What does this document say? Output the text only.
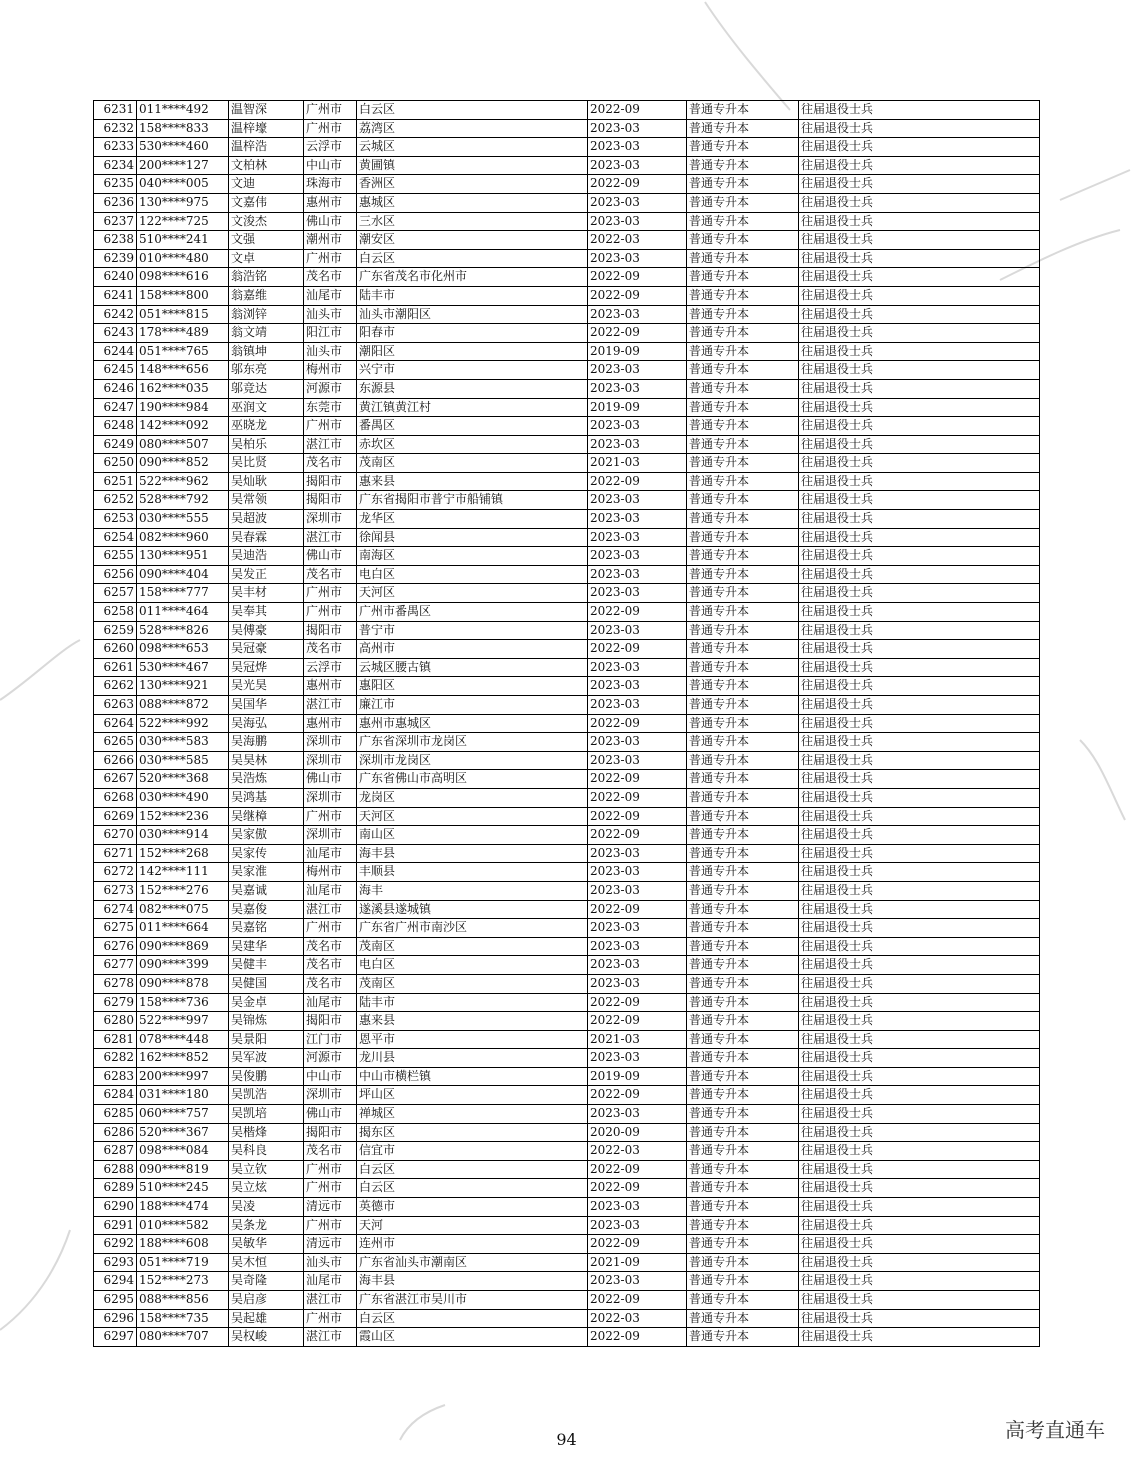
6231	011****492	温智深	广州市	白云区	2022-09	普通专升本	往届退役士兵
6232	158****833	温梓壕	广州市	荔湾区	2023-03	普通专升本	往届退役士兵
6233	530****460	温梓浩	云浮市	云城区	2023-03	普通专升本	往届退役士兵
6234	200****127	文柏林	中山市	黄圃镇	2023-03	普通专升本	往届退役士兵
6235	040****005	文迪	珠海市	香洲区	2022-09	普通专升本	往届退役士兵
6236	130****975	文嘉伟	惠州市	惠城区	2023-03	普通专升本	往届退役士兵
6237	122****725	文浚杰	佛山市	三水区	2023-03	普通专升本	往届退役士兵
6238	510****241	文强	潮州市	潮安区	2022-03	普通专升本	往届退役士兵
6239	010****480	文卓	广州市	白云区	2023-03	普通专升本	往届退役士兵
6240	098****616	翁浩铭	茂名市	广东省茂名市化州市	2022-09	普通专升本	往届退役士兵
6241	158****800	翁嘉维	汕尾市	陆丰市	2022-09	普通专升本	往届退役士兵
6242	051****815	翁浏锌	汕头市	汕头市潮阳区	2023-03	普通专升本	往届退役士兵
6243	178****489	翁文靖	阳江市	阳春市	2022-09	普通专升本	往届退役士兵
6244	051****765	翁镇坤	汕头市	潮阳区	2019-09	普通专升本	往届退役士兵
6245	148****656	邬东亮	梅州市	兴宁市	2023-03	普通专升本	往届退役士兵
6246	162****035	邬竞达	河源市	东源县	2023-03	普通专升本	往届退役士兵
6247	190****984	巫润文	东莞市	黄江镇黄江村	2019-09	普通专升本	往届退役士兵
6248	142****092	巫晓龙	广州市	番禺区	2023-03	普通专升本	往届退役士兵
6249	080****507	吴柏乐	湛江市	赤坎区	2023-03	普通专升本	往届退役士兵
6250	090****852	吴比贤	茂名市	茂南区	2021-03	普通专升本	往届退役士兵
6251	522****962	吴灿耿	揭阳市	惠来县	2022-09	普通专升本	往届退役士兵
6252	528****792	吴常领	揭阳市	广东省揭阳市普宁市船铺镇	2023-03	普通专升本	往届退役士兵
6253	030****555	吴超波	深圳市	龙华区	2023-03	普通专升本	往届退役士兵
6254	082****960	吴春霖	湛江市	徐闻县	2023-03	普通专升本	往届退役士兵
6255	130****951	吴迪浩	佛山市	南海区	2023-03	普通专升本	往届退役士兵
6256	090****404	吴发正	茂名市	电白区	2023-03	普通专升本	往届退役士兵
6257	158****777	吴丰材	广州市	天河区	2023-03	普通专升本	往届退役士兵
6258	011****464	吴奉其	广州市	广州市番禺区	2022-09	普通专升本	往届退役士兵
6259	528****826	吴傅豪	揭阳市	普宁市	2023-03	普通专升本	往届退役士兵
6260	098****653	吴冠豪	茂名市	高州市	2022-09	普通专升本	往届退役士兵
6261	530****467	吴冠烨	云浮市	云城区腰古镇	2023-03	普通专升本	往届退役士兵
6262	130****921	吴光昊	惠州市	惠阳区	2023-03	普通专升本	往届退役士兵
6263	088****872	吴国华	湛江市	廉江市	2023-03	普通专升本	往届退役士兵
6264	522****992	吴海弘	惠州市	惠州市惠城区	2022-09	普通专升本	往届退役士兵
6265	030****583	吴海鹏	深圳市	广东省深圳市龙岗区	2023-03	普通专升本	往届退役士兵
6266	030****585	吴昊林	深圳市	深圳市龙岗区	2023-03	普通专升本	往届退役士兵
6267	520****368	吴浩炼	佛山市	广东省佛山市高明区	2022-09	普通专升本	往届退役士兵
6268	030****490	吴鸿基	深圳市	龙岗区	2022-09	普通专升本	往届退役士兵
6269	152****236	吴继樟	广州市	天河区	2022-09	普通专升本	往届退役士兵
6270	030****914	吴家傲	深圳市	南山区	2022-09	普通专升本	往届退役士兵
6271	152****268	吴家传	汕尾市	海丰县	2023-03	普通专升本	往届退役士兵
6272	142****111	吴家淮	梅州市	丰顺县	2023-03	普通专升本	往届退役士兵
6273	152****276	吴嘉诚	汕尾市	海丰	2023-03	普通专升本	往届退役士兵
6274	082****075	吴嘉俊	湛江市	遂溪县遂城镇	2022-09	普通专升本	往届退役士兵
6275	011****664	吴嘉铭	广州市	广东省广州市南沙区	2023-03	普通专升本	往届退役士兵
6276	090****869	吴建华	茂名市	茂南区	2023-03	普通专升本	往届退役士兵
6277	090****399	吴健丰	茂名市	电白区	2023-03	普通专升本	往届退役士兵
6278	090****878	吴健国	茂名市	茂南区	2023-03	普通专升本	往届退役士兵
6279	158****736	吴金卓	汕尾市	陆丰市	2022-09	普通专升本	往届退役士兵
6280	522****997	吴锦炼	揭阳市	惠来县	2022-09	普通专升本	往届退役士兵
6281	078****448	吴景阳	江门市	恩平市	2021-03	普通专升本	往届退役士兵
6282	162****852	吴军波	河源市	龙川县	2023-03	普通专升本	往届退役士兵
6283	200****997	吴俊鹏	中山市	中山市横栏镇	2019-09	普通专升本	往届退役士兵
6284	031****180	吴凯浩	深圳市	坪山区	2022-09	普通专升本	往届退役士兵
6285	060****757	吴凯培	佛山市	禅城区	2023-03	普通专升本	往届退役士兵
6286	520****367	吴楷烽	揭阳市	揭东区	2020-09	普通专升本	往届退役士兵
6287	098****084	吴科良	茂名市	信宜市	2022-03	普通专升本	往届退役士兵
6288	090****819	吴立钦	广州市	白云区	2022-09	普通专升本	往届退役士兵
6289	510****245	吴立炫	广州市	白云区	2022-09	普通专升本	往届退役士兵
6290	188****474	吴凌	清远市	英德市	2023-03	普通专升本	往届退役士兵
6291	010****582	吴条龙	广州市	天河	2023-03	普通专升本	往届退役士兵
6292	188****608	吴敏华	清远市	连州市	2022-09	普通专升本	往届退役士兵
6293	051****719	吴木恒	汕头市	广东省汕头市潮南区	2021-09	普通专升本	往届退役士兵
6294	152****273	吴奇隆	汕尾市	海丰县	2023-03	普通专升本	往届退役士兵
6295	088****856	吴启彦	湛江市	广东省湛江市吴川市	2022-09	普通专升本	往届退役士兵
6296	158****735	吴起雄	广州市	白云区	2022-03	普通专升本	往届退役士兵
6297	080****707	吴权峻	湛江市	霞山区	2022-09	普通专升本	往届退役士兵
94	高考直通车
